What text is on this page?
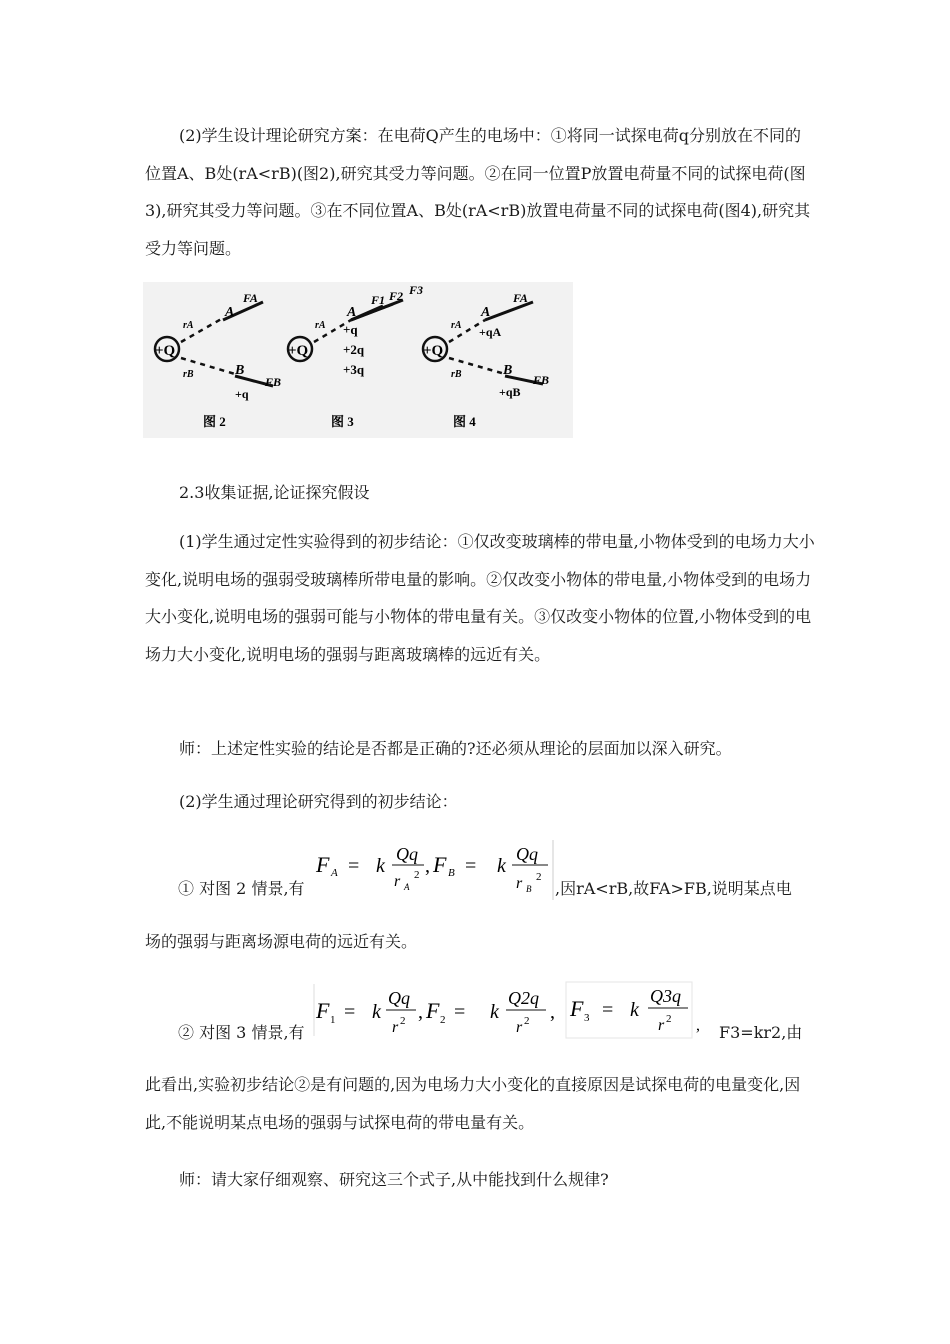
(2)学生设计理论研究方案：在电荷Q产生的电场中：①将同一试探电荷q分别放在不同的位置A、B处(rA<rB)(图2),研究其受力等问题。②在同一位置P放置电荷量不同的试探电荷(图3),研究其受力等问题。③在不同位置A、B处(rA<rB)放置电荷量不同的试探电荷(图4),研究其受力等问题。

+Q
rA
A
FA
rB	B
FB
+q
图 2
+Q
rA
A
F1 F2 F3
+q
+2q
+3q
图 3
+Q
rA
A
FA
+qA
rB	B
FB
+qB
图 4

2.3收集证据,论证探究假设

(1)学生通过定性实验得到的初步结论：①仅改变玻璃棒的带电量,小物体受到的电场力大小变化,说明电场的强弱受玻璃棒所带电量的影响。②仅改变小物体的带电量,小物体受到的电场力大小变化,说明电场的强弱可能与小物体的带电量有关。③仅改变小物体的位置,小物体受到的电场力大小变化,说明电场的强弱与距离玻璃棒的远近有关。

师：上述定性实验的结论是否都是正确的?还必须从理论的层面加以深入研究。

(2)学生通过理论研究得到的初步结论：

① 对图 2 情景,有
F A = k
Qq
r A
2 , F B = k
Qq
r B
2
,因rA<rB,故FA>FB,说明某点电

场的强弱与距离场源电荷的远近有关。

② 对图 3 情景,有
F 1 = k
Qq
r 2 , F 2 = k
Q2q
r 2 , F 3 = k
Q3q
r 2 , F3=kr2,由

此看出,实验初步结论②是有问题的,因为电场力大小变化的直接原因是试探电荷的电量变化,因此,不能说明某点电场的强弱与试探电荷的带电量有关。

师：请大家仔细观察、研究这三个式子,从中能找到什么规律?
